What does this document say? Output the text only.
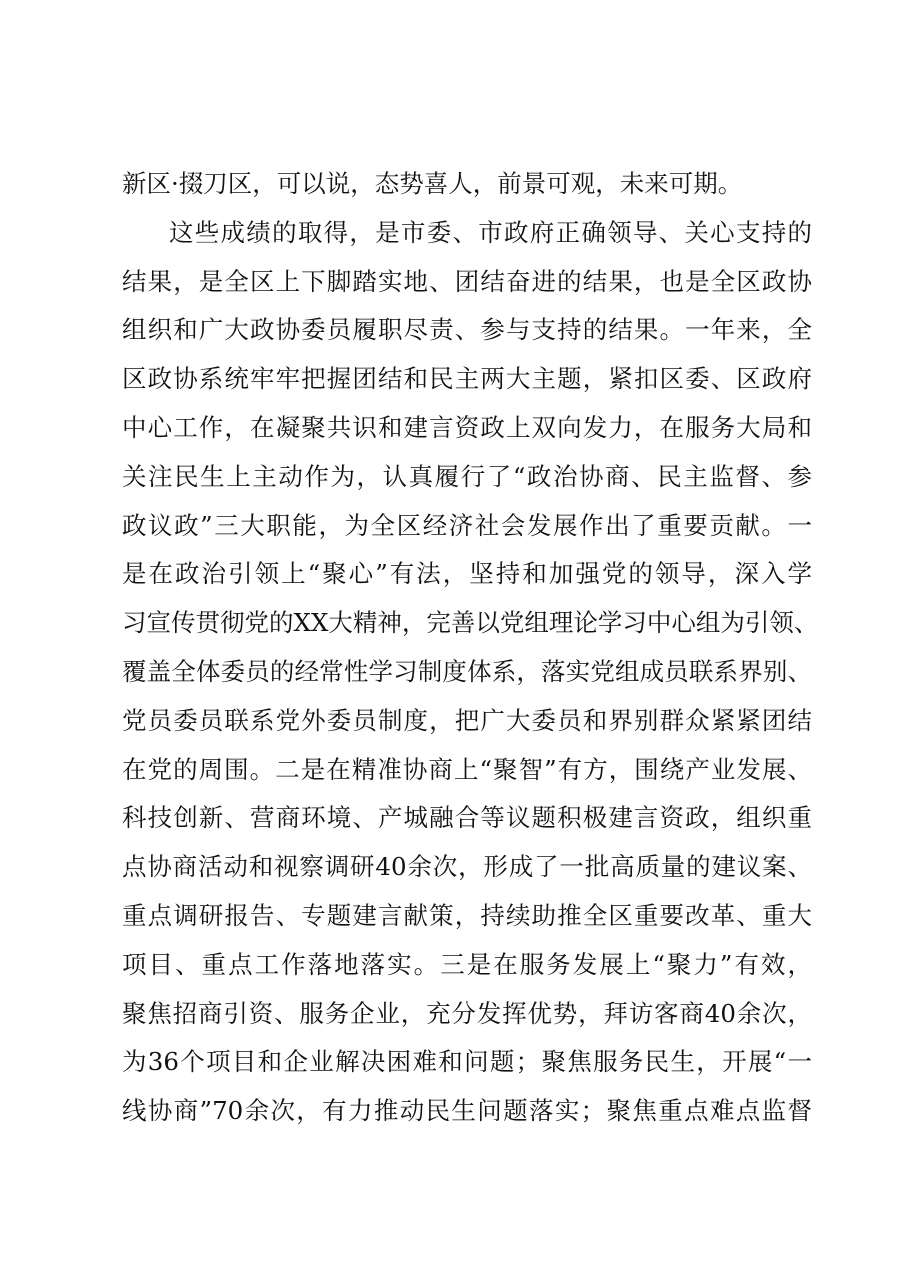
新区·掇刀区，可以说，态势喜人，前景可观，未来可期。
这些成绩的取得，是市委、市政府正确领导、关心支持的
结果，是全区上下脚踏实地、团结奋进的结果，也是全区政协
组织和广大政协委员履职尽责、参与支持的结果。一年来，全
区政协系统牢牢把握团结和民主两大主题，紧扣区委、区政府
中心工作，在凝聚共识和建言资政上双向发力，在服务大局和
关注民生上主动作为，认真履行了“政治协商、民主监督、参
政议政”三大职能，为全区经济社会发展作出了重要贡献。一
是在政治引领上“聚心”有法，坚持和加强党的领导，深入学
习宣传贯彻党的XX大精神，完善以党组理论学习中心组为引领、
覆盖全体委员的经常性学习制度体系，落实党组成员联系界别、
党员委员联系党外委员制度，把广大委员和界别群众紧紧团结
在党的周围。二是在精准协商上“聚智”有方，围绕产业发展、
科技创新、营商环境、产城融合等议题积极建言资政，组织重
点协商活动和视察调研40余次，形成了一批高质量的建议案、
重点调研报告、专题建言献策，持续助推全区重要改革、重大
项目、重点工作落地落实。三是在服务发展上“聚力”有效，
聚焦招商引资、服务企业，充分发挥优势，拜访客商40余次，
为36个项目和企业解决困难和问题；聚焦服务民生，开展“一
线协商”70余次，有力推动民生问题落实；聚焦重点难点监督
